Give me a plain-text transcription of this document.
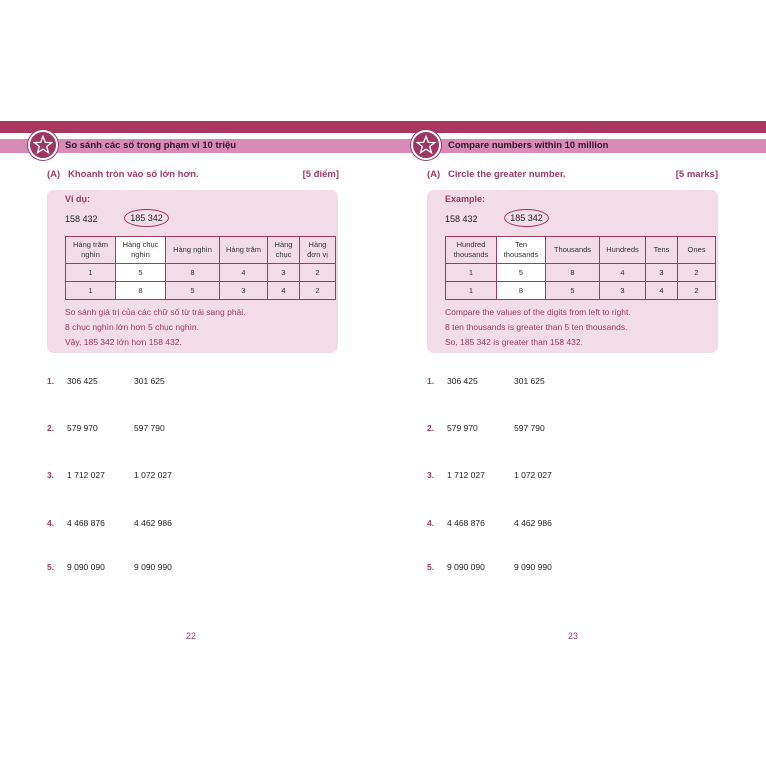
So sánh các số trong phạm vi 10 triệu
(A) Khoanh tròn vào số lớn hơn.	[5 điểm]
Ví dụ:
158 432	185 342
Hàng trăm nghìn	Hàng chục nghìn	Hàng nghìn	Hàng trăm	Hàng chục	Hàng đơn vị
1	5	8	4	3	2
1	8	5	3	4	2
So sánh giá trị của các chữ số từ trái sang phải.
8 chục nghìn lớn hơn 5 chục nghìn.
Vậy, 185 342 lớn hơn 158 432.
1. 306 425	301 625
2. 579 970	597 790
3. 1 712 027	1 072 027
4. 4 468 876	4 462 986
5. 9 090 090	9 090 990
22
Compare numbers within 10 million
(A) Circle the greater number.	[5 marks]
Example:
158 432	185 342
Hundred thousands	Ten thousands	Thousands	Hundreds	Tens	Ones
1	5	8	4	3	2
1	8	5	3	4	2
Compare the values of the digits from left to right.
8 ten thousands is greater than 5 ten thousands.
So, 185 342 is greater than 158 432.
1. 306 425	301 625
2. 579 970	597 790
3. 1 712 027	1 072 027
4. 4 468 876	4 462 986
5. 9 090 090	9 090 990
23
